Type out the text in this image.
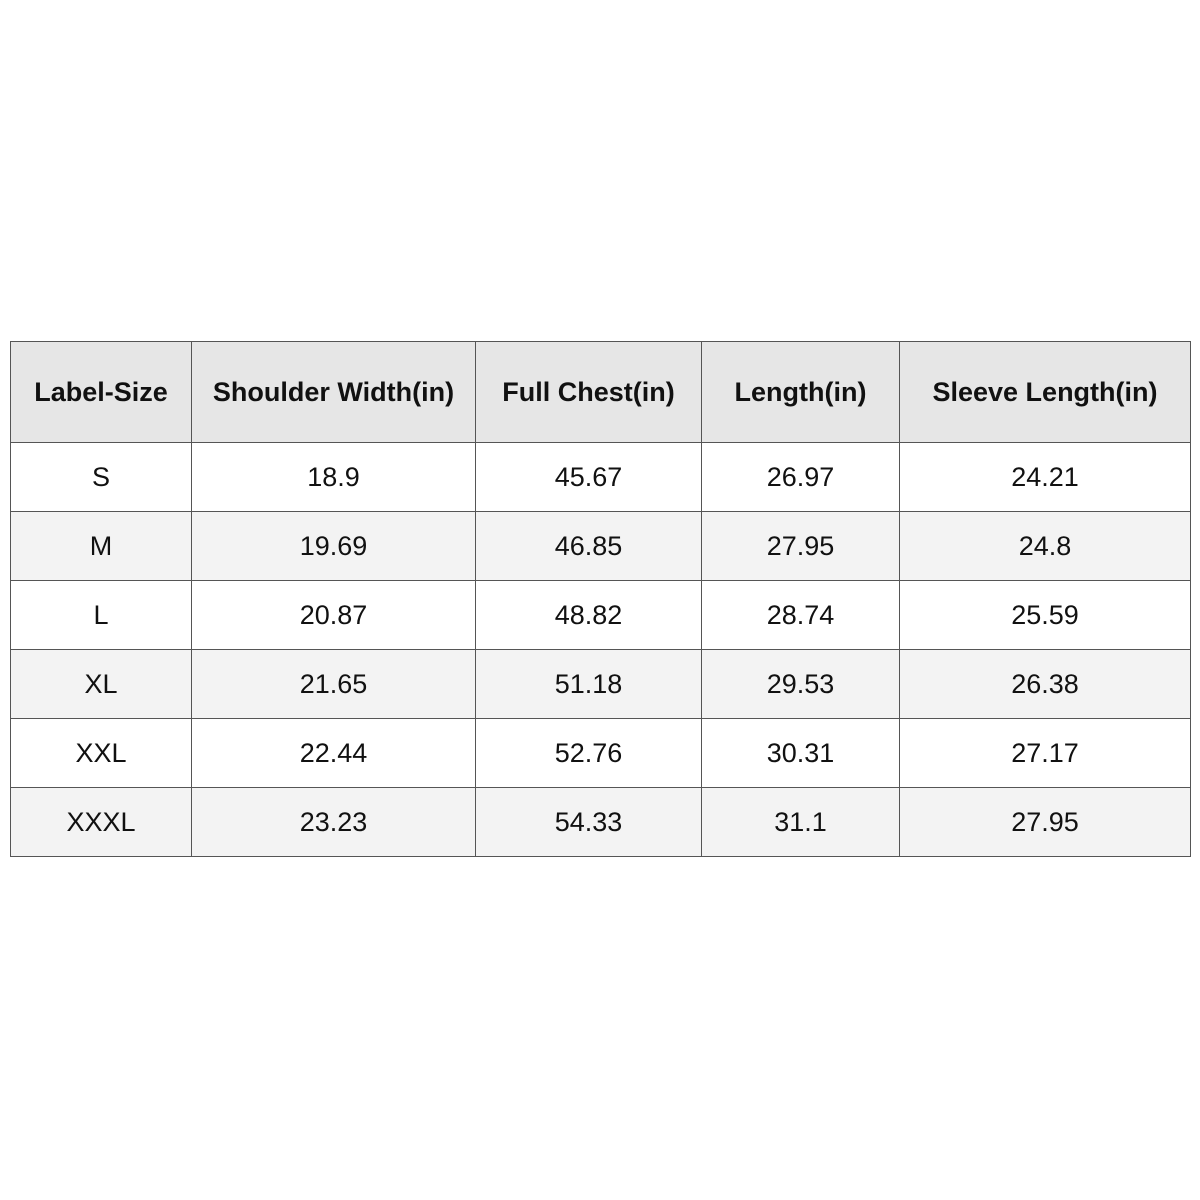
Label-Size	Shoulder Width(in)	Full Chest(in)	Length(in)	Sleeve Length(in)
S	18.9	45.67	26.97	24.21
M	19.69	46.85	27.95	24.8
L	20.87	48.82	28.74	25.59
XL	21.65	51.18	29.53	26.38
XXL	22.44	52.76	30.31	27.17
XXXL	23.23	54.33	31.1	27.95
